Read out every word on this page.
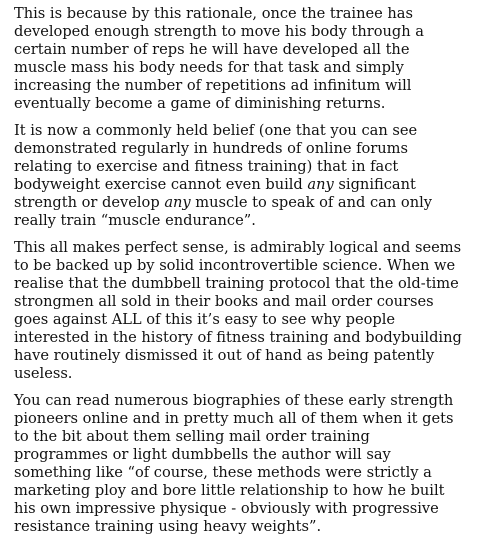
This is because by this rationale, once the trainee has developed enough strength to move his body through a certain number of reps he will have developed all the muscle mass his body needs for that task and simply increasing the number of repetitions ad infinitum will eventually become a game of diminishing returns.

It is now a commonly held belief (one that you can see demonstrated regularly in hundreds of online forums relating to exercise and fitness training) that in fact bodyweight exercise cannot even build any significant strength or develop any muscle to speak of and can only really train “muscle endurance”.

This all makes perfect sense, is admirably logical and seems to be backed up by solid incontrovertible science. When we realise that the dumbbell training protocol that the old-time strongmen all sold in their books and mail order courses goes against ALL of this it’s easy to see why people interested in the history of fitness training and bodybuilding have routinely dismissed it out of hand as being patently useless.

You can read numerous biographies of these early strength pioneers online and in pretty much all of them when it gets to the bit about them selling mail order training programmes or light dumbbells the author will say something like “of course, these methods were strictly a marketing ploy and bore little relationship to how he built his own impressive physique - obviously with progressive resistance training using heavy weights”.
